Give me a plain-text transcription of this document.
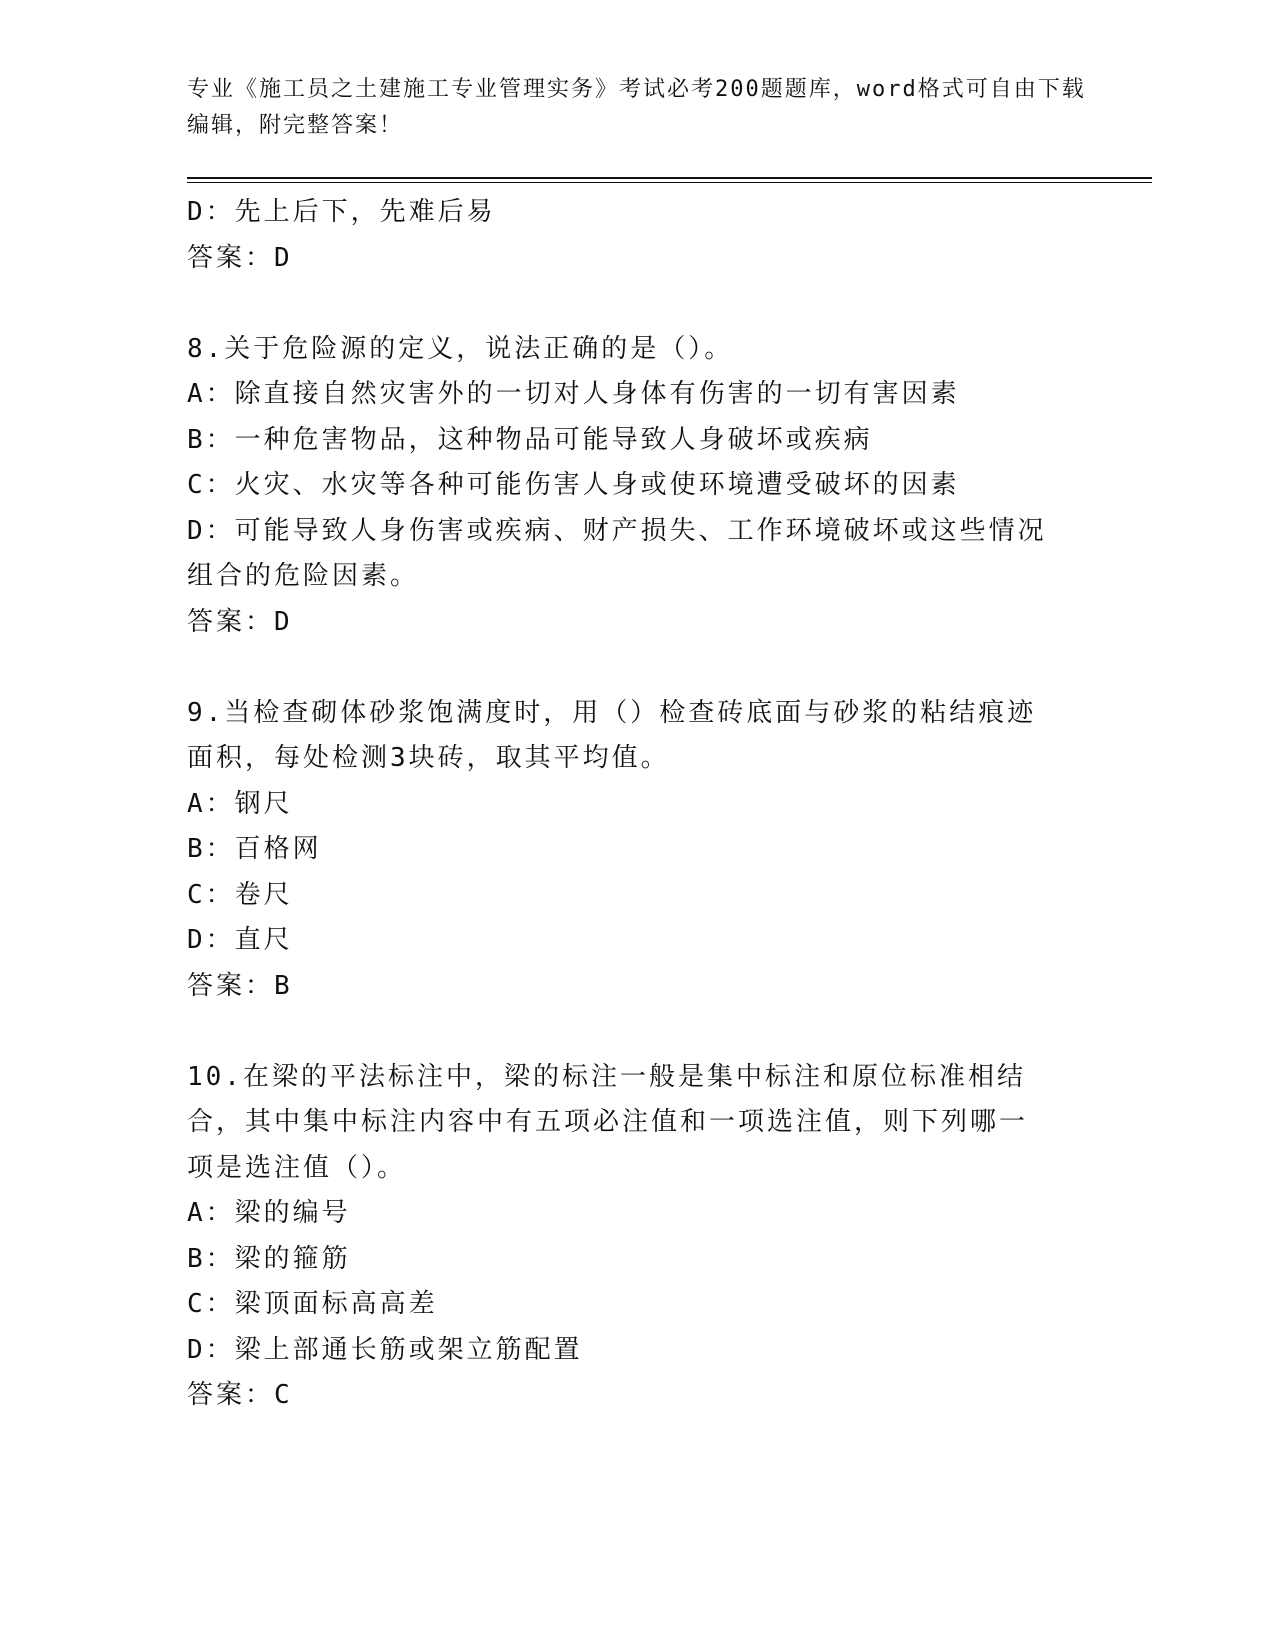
专业《施工员之土建施工专业管理实务》考试必考200题题库，word格式可自由下载编辑，附完整答案！
D：先上后下，先难后易
答案：D
8.关于危险源的定义，说法正确的是（）。
A：除直接自然灾害外的一切对人身体有伤害的一切有害因素
B：一种危害物品，这种物品可能导致人身破坏或疾病
C：火灾、水灾等各种可能伤害人身或使环境遭受破坏的因素
D：可能导致人身伤害或疾病、财产损失、工作环境破坏或这些情况组合的危险因素。
答案：D
9.当检查砌体砂浆饱满度时，用（）检查砖底面与砂浆的粘结痕迹面积，每处检测3块砖，取其平均值。
A：钢尺
B：百格网
C：卷尺
D：直尺
答案：B
10.在梁的平法标注中，梁的标注一般是集中标注和原位标准相结合，其中集中标注内容中有五项必注值和一项选注值，则下列哪一项是选注值（）。
A：梁的编号
B：梁的箍筋
C：梁顶面标高高差
D：梁上部通长筋或架立筋配置
答案：C
